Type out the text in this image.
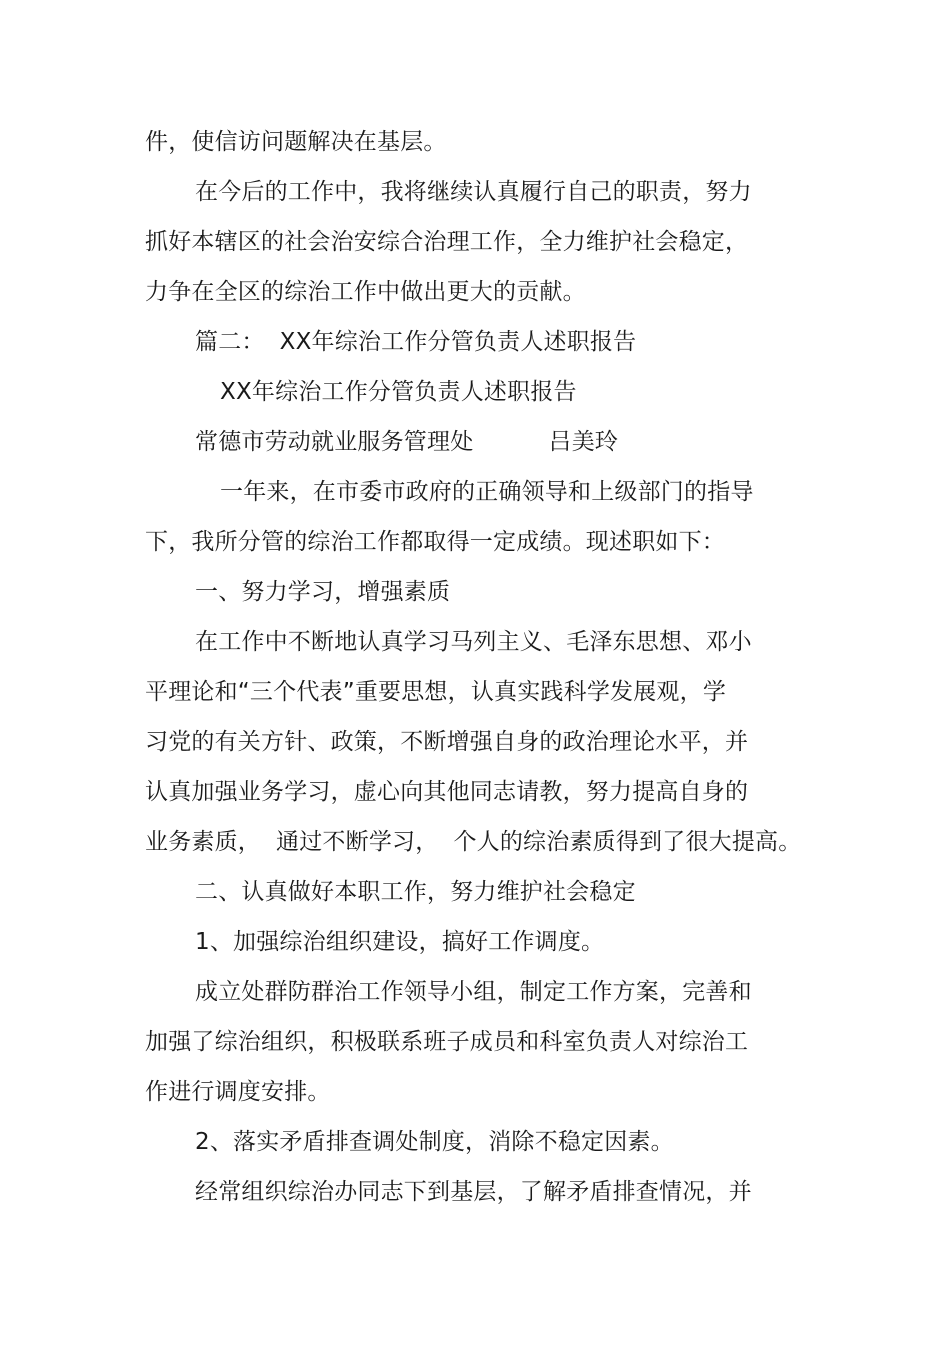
件，使信访问题解决在基层。
在今后的工作中，我将继续认真履行自己的职责，努力
抓好本辖区的社会治安综合治理工作，全力维护社会稳定，
力争在全区的综治工作中做出更大的贡献。
篇二：  XX年综治工作分管负责人述职报告
XX年综治工作分管负责人述职报告
常德市劳动就业服务管理处          吕美玲
一年来，在市委市政府的正确领导和上级部门的指导
下，我所分管的综治工作都取得一定成绩。现述职如下：
一、努力学习，增强素质
在工作中不断地认真学习马列主义、毛泽东思想、邓小
平理论和“三个代表”重要思想，认真实践科学发展观，学
习党的有关方针、政策，不断增强自身的政治理论水平，并
认真加强业务学习，虚心向其他同志请教，努力提高自身的
业务素质，  通过不断学习，  个人的综治素质得到了很大提高。
二、认真做好本职工作，努力维护社会稳定
1、加强综治组织建设，搞好工作调度。
成立处群防群治工作领导小组，制定工作方案，完善和
加强了综治组织，积极联系班子成员和科室负责人对综治工
作进行调度安排。
2、落实矛盾排查调处制度，消除不稳定因素。
经常组织综治办同志下到基层，了解矛盾排查情况，并
